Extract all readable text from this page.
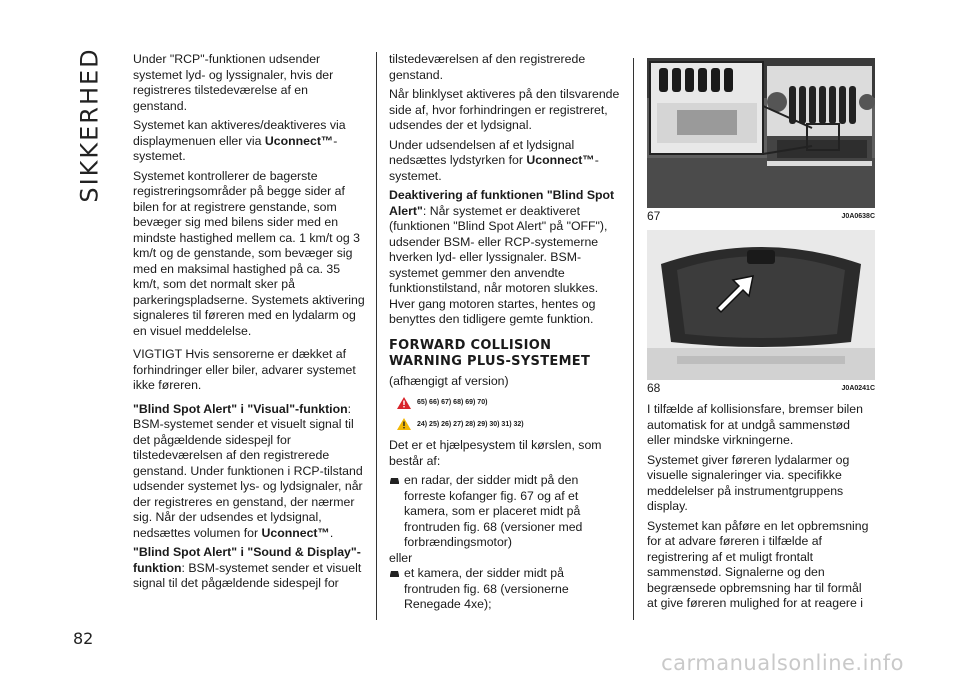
SIKKERHED Under "RCP"-funktionen udsender systemet lyd- og lyssignaler, hvis der registreres tilstedeværelse af en genstand.

Systemet kan aktiveres/deaktiveres via displaymenuen eller via Uconnect™-systemet.

Systemet kontrollerer de bagerste registreringsområder på begge sider af bilen for at registrere genstande, som bevæger sig med bilens sider med en mindste hastighed mellem ca. 1 km/t og 3 km/t og de genstande, som bevæger sig med en maksimal hastighed på ca. 35 km/t, som det normalt sker på parkeringspladserne. Systemets aktivering signaleres til føreren med en lydalarm og en visuel meddelelse.

VIGTIGT Hvis sensorerne er dækket af forhindringer eller biler, advarer systemet ikke føreren.

"Blind Spot Alert" i "Visual"-funktion: BSM-systemet sender et visuelt signal til det pågældende sidespejl for tilstedeværelsen af den registrerede genstand. Under funktionen i RCP-tilstand udsender systemet lys- og lydsignaler, når der registreres en genstand, der nærmer sig. Når der udsendes et lydsignal, nedsættes volumen for Uconnect™.

"Blind Spot Alert" i "Sound & Display"-funktion: BSM-systemet sender et visuelt signal til det pågældende sidespejl for

tilstedeværelsen af den registrerede genstand.

Når blinklyset aktiveres på den tilsvarende side af, hvor forhindringen er registreret, udsendes der et lydsignal.

Under udsendelsen af et lydsignal nedsættes lydstyrken for Uconnect™-systemet.

Deaktivering af funktionen "Blind Spot Alert": Når systemet er deaktiveret (funktionen "Blind Spot Alert" på "OFF"), udsender BSM- eller RCP-systemerne hverken lyd- eller lyssignaler. BSM-systemet gemmer den anvendte funktionstilstand, når motoren slukkes. Hver gang motoren startes, hentes og benyttes den tidligere gemte funktion.

FORWARD COLLISION
WARNING PLUS-SYSTEMET

(afhængigt af version)

65) 66) 67) 68) 69) 70)
24) 25) 26) 27) 28) 29) 30) 31) 32)

Det er et hjælpesystem til kørslen, som består af:

en radar, der sidder midt på den forreste kofanger fig. 67 og af et kamera, som er placeret midt på frontruden fig. 68 (versioner med forbrændingsmotor)

eller

et kamera, der sidder midt på frontruden fig. 68 (versionerne Renegade 4xe);
67	J0A0638C
68	J0A0241C

I tilfælde af kollisionsfare, bremser bilen automatisk for at undgå sammenstød eller mindske virkningerne.

Systemet giver føreren lydalarmer og visuelle signaleringer via. specifikke meddelelser på instrumentgruppens display.

Systemet kan påføre en let opbremsning for at advare føreren i tilfælde af registrering af et muligt frontalt sammenstød. Signalerne og den begrænsede opbremsning har til formål at give føreren mulighed for at reagere i

82
carmanualsonline.info
